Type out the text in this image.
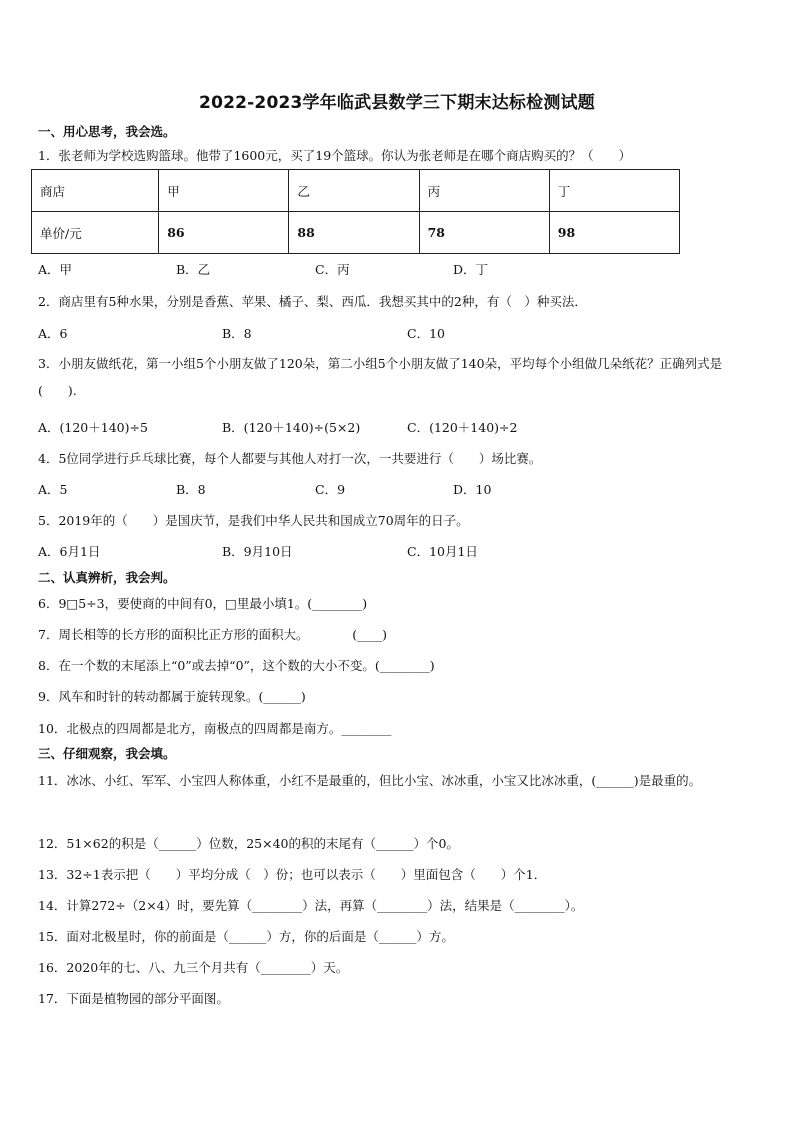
2022-2023学年临武县数学三下期末达标检测试题
一、用心思考，我会选。
1．张老师为学校选购篮球。他带了1600元，买了19个篮球。你认为张老师是在哪个商店购买的？（　　）
商店	甲	乙	丙	丁
单价/元	86	88	78	98
A．甲	B．乙	C．丙	D．丁
2．商店里有5种水果，分别是香蕉、苹果、橘子、梨、西瓜．我想买其中的2种，有（　）种买法．
A．6	B．8	C．10
3．小朋友做纸花，第一小组5个小朋友做了120朵，第二小组5个小朋友做了140朵，平均每个小组做几朵纸花？正确列式是(　　).
A．(120＋140)÷5	B．(120＋140)÷(5×2)	C．(120＋140)÷2
4．5位同学进行乒乓球比赛，每个人都要与其他人对打一次，一共要进行（　　）场比赛。
A．5	B．8	C．9	D．10
5．2019年的（　　）是国庆节，是我们中华人民共和国成立70周年的日子。
A．6月1日	B．9月10日	C．10月1日
二、认真辨析，我会判。
6．9□5÷3，要使商的中间有0，□里最小填1。(________)
7．周长相等的长方形的面积比正方形的面积大。　　　　(____)
8．在一个数的末尾添上“0”或去掉“0”，这个数的大小不变。(________)
9．风车和时针的转动都属于旋转现象。(______)
10．北极点的四周都是北方，南极点的四周都是南方。________
三、仔细观察，我会填。
11．冰冰、小红、军军、小宝四人称体重，小红不是最重的，但比小宝、冰冰重，小宝又比冰冰重，(______)是最重的。
12．51×62的积是（______）位数，25×40的积的末尾有（______）个0。
13．32÷1表示把（　　）平均分成（　）份；也可以表示（　　）里面包含（　　）个1．
14．计算272÷（2×4）时，要先算（________）法，再算（________）法，结果是（________）。
15．面对北极星时，你的前面是（______）方，你的后面是（______）方。
16．2020年的七、八、九三个月共有（________）天。
17．下面是植物园的部分平面图。
